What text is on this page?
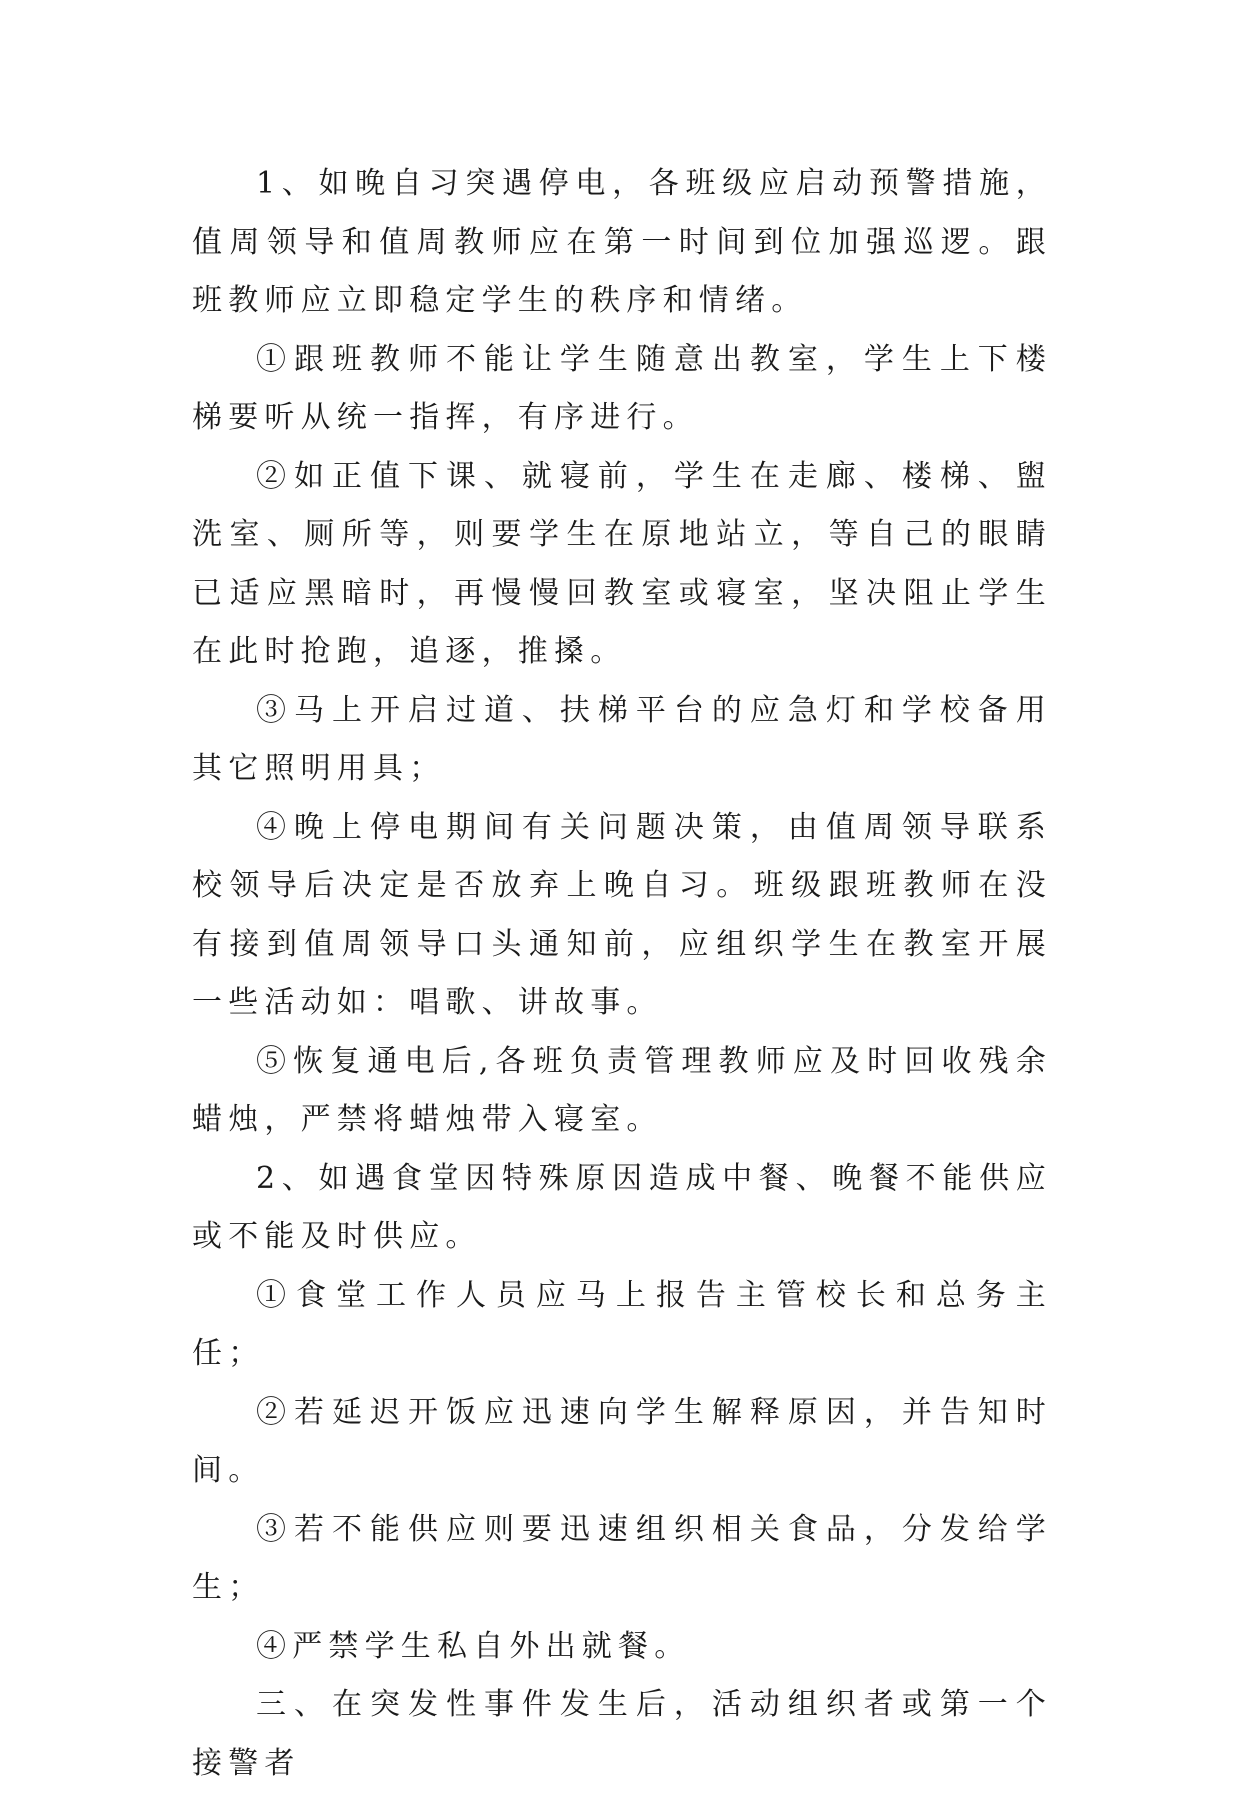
1、如晚自习突遇停电，各班级应启动预警措施，值周领导和值周教师应在第一时间到位加强巡逻。跟班教师应立即稳定学生的秩序和情绪。

①跟班教师不能让学生随意出教室，学生上下楼梯要听从统一指挥，有序进行。

②如正值下课、就寝前，学生在走廊、楼梯、盥洗室、厕所等，则要学生在原地站立，等自己的眼睛已适应黑暗时，再慢慢回教室或寝室，坚决阻止学生在此时抢跑，追逐，推搡。

③马上开启过道、扶梯平台的应急灯和学校备用其它照明用具；

④晚上停电期间有关问题决策，由值周领导联系校领导后决定是否放弃上晚自习。班级跟班教师在没有接到值周领导口头通知前，应组织学生在教室开展一些活动如：唱歌、讲故事。

⑤恢复通电后,各班负责管理教师应及时回收残余蜡烛，严禁将蜡烛带入寝室。

2、如遇食堂因特殊原因造成中餐、晚餐不能供应或不能及时供应。

①食堂工作人员应马上报告主管校长和总务主任；

②若延迟开饭应迅速向学生解释原因，并告知时间。

③若不能供应则要迅速组织相关食品，分发给学生；

④严禁学生私自外出就餐。

三、在突发性事件发生后，活动组织者或第一个接警者
